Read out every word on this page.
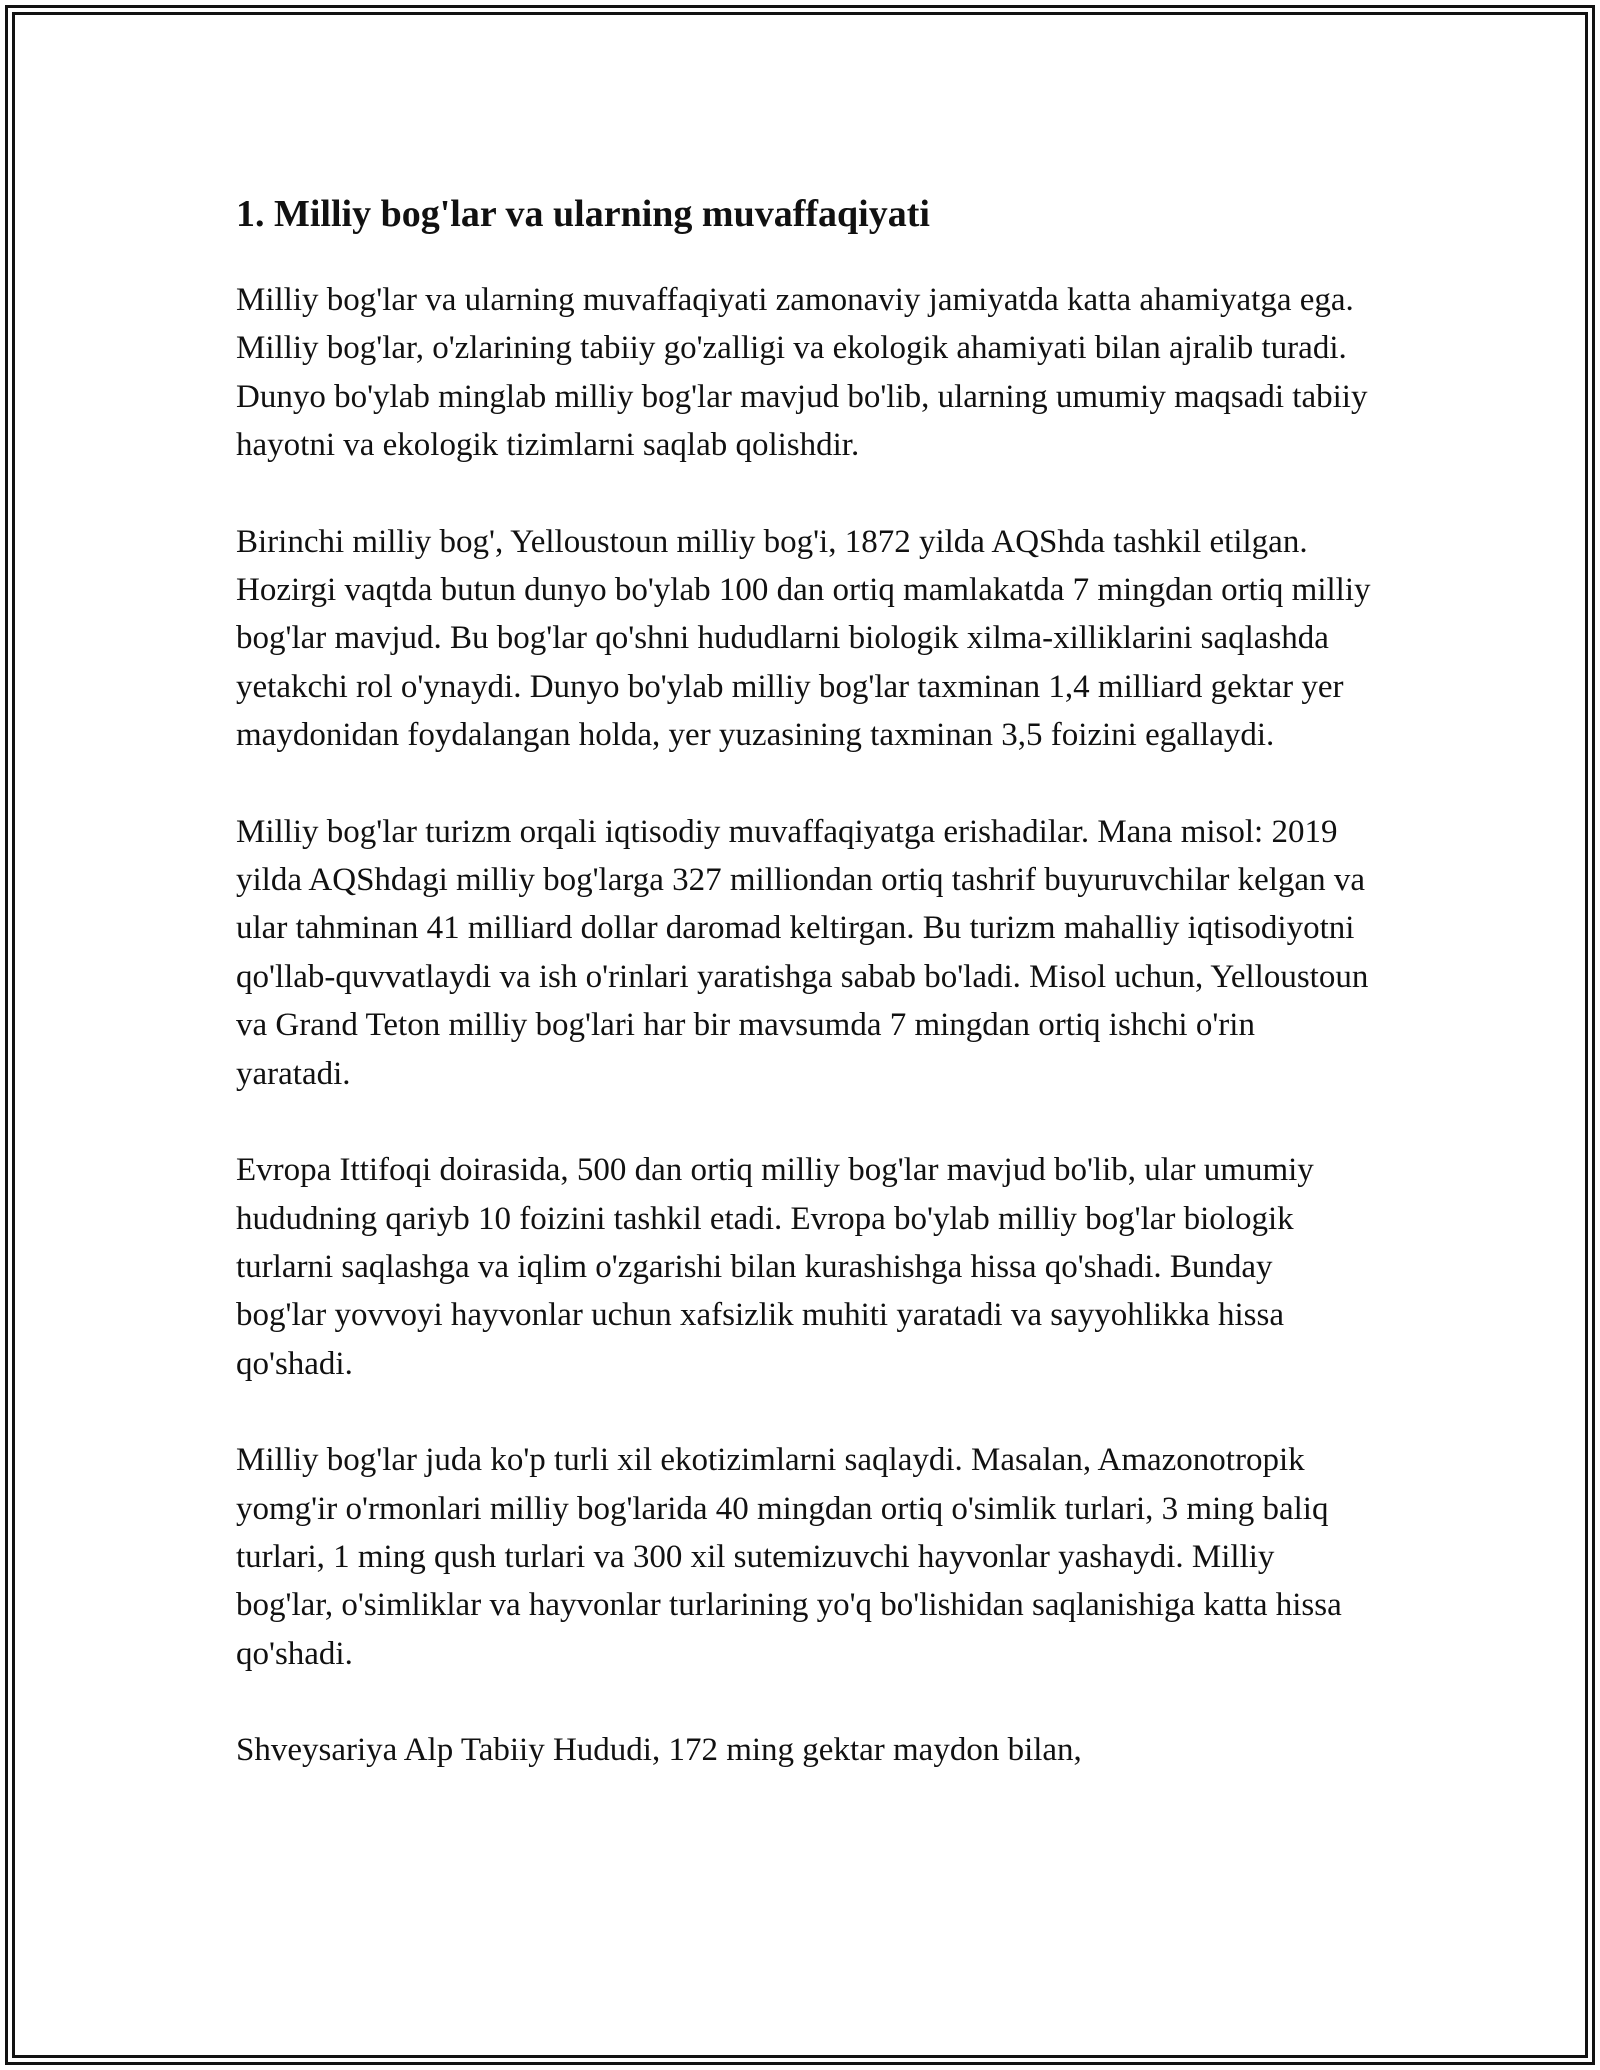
1. Milliy bog'lar va ularning muvaffaqiyati

Milliy bog'lar va ularning muvaffaqiyati zamonaviy jamiyatda katta ahamiyatga ega. Milliy bog'lar, o'zlarining tabiiy go'zalligi va ekologik ahamiyati bilan ajralib turadi. Dunyo bo'ylab minglab milliy bog'lar mavjud bo'lib, ularning umumiy maqsadi tabiiy hayotni va ekologik tizimlarni saqlab qolishdir.

Birinchi milliy bog', Yelloustoun milliy bog'i, 1872 yilda AQShda tashkil etilgan. Hozirgi vaqtda butun dunyo bo'ylab 100 dan ortiq mamlakatda 7 mingdan ortiq milliy bog'lar mavjud. Bu bog'lar qo'shni hududlarni biologik xilma-xilliklarini saqlashda yetakchi rol o'ynaydi. Dunyo bo'ylab milliy bog'lar taxminan 1,4 milliard gektar yer maydonidan foydalangan holda, yer yuzasining taxminan 3,5 foizini egallaydi.

Milliy bog'lar turizm orqali iqtisodiy muvaffaqiyatga erishadilar. Mana misol: 2019 yilda AQShdagi milliy bog'larga 327 milliondan ortiq tashrif buyuruvchilar kelgan va ular tahminan 41 milliard dollar daromad keltirgan. Bu turizm mahalliy iqtisodiyotni qo'llab-quvvatlaydi va ish o'rinlari yaratishga sabab bo'ladi. Misol uchun, Yelloustoun va Grand Teton milliy bog'lari har bir mavsumda 7 mingdan ortiq ishchi o'rin yaratadi.

Evropa Ittifoqi doirasida, 500 dan ortiq milliy bog'lar mavjud bo'lib, ular umumiy hududning qariyb 10 foizini tashkil etadi. Evropa bo'ylab milliy bog'lar biologik turlarni saqlashga va iqlim o'zgarishi bilan kurashishga hissa qo'shadi. Bunday bog'lar yovvoyi hayvonlar uchun xafsizlik muhiti yaratadi va sayyohlikka hissa qo'shadi.

Milliy bog'lar juda ko'p turli xil ekotizimlarni saqlaydi. Masalan, Amazonotropik yomg'ir o'rmonlari milliy bog'larida 40 mingdan ortiq o'simlik turlari, 3 ming baliq turlari, 1 ming qush turlari va 300 xil sutemizuvchi hayvonlar yashaydi. Milliy bog'lar, o'simliklar va hayvonlar turlarining yo'q bo'lishidan saqlanishiga katta hissa qo'shadi.

Shveysariya Alp Tabiiy Hududi, 172 ming gektar maydon bilan,
